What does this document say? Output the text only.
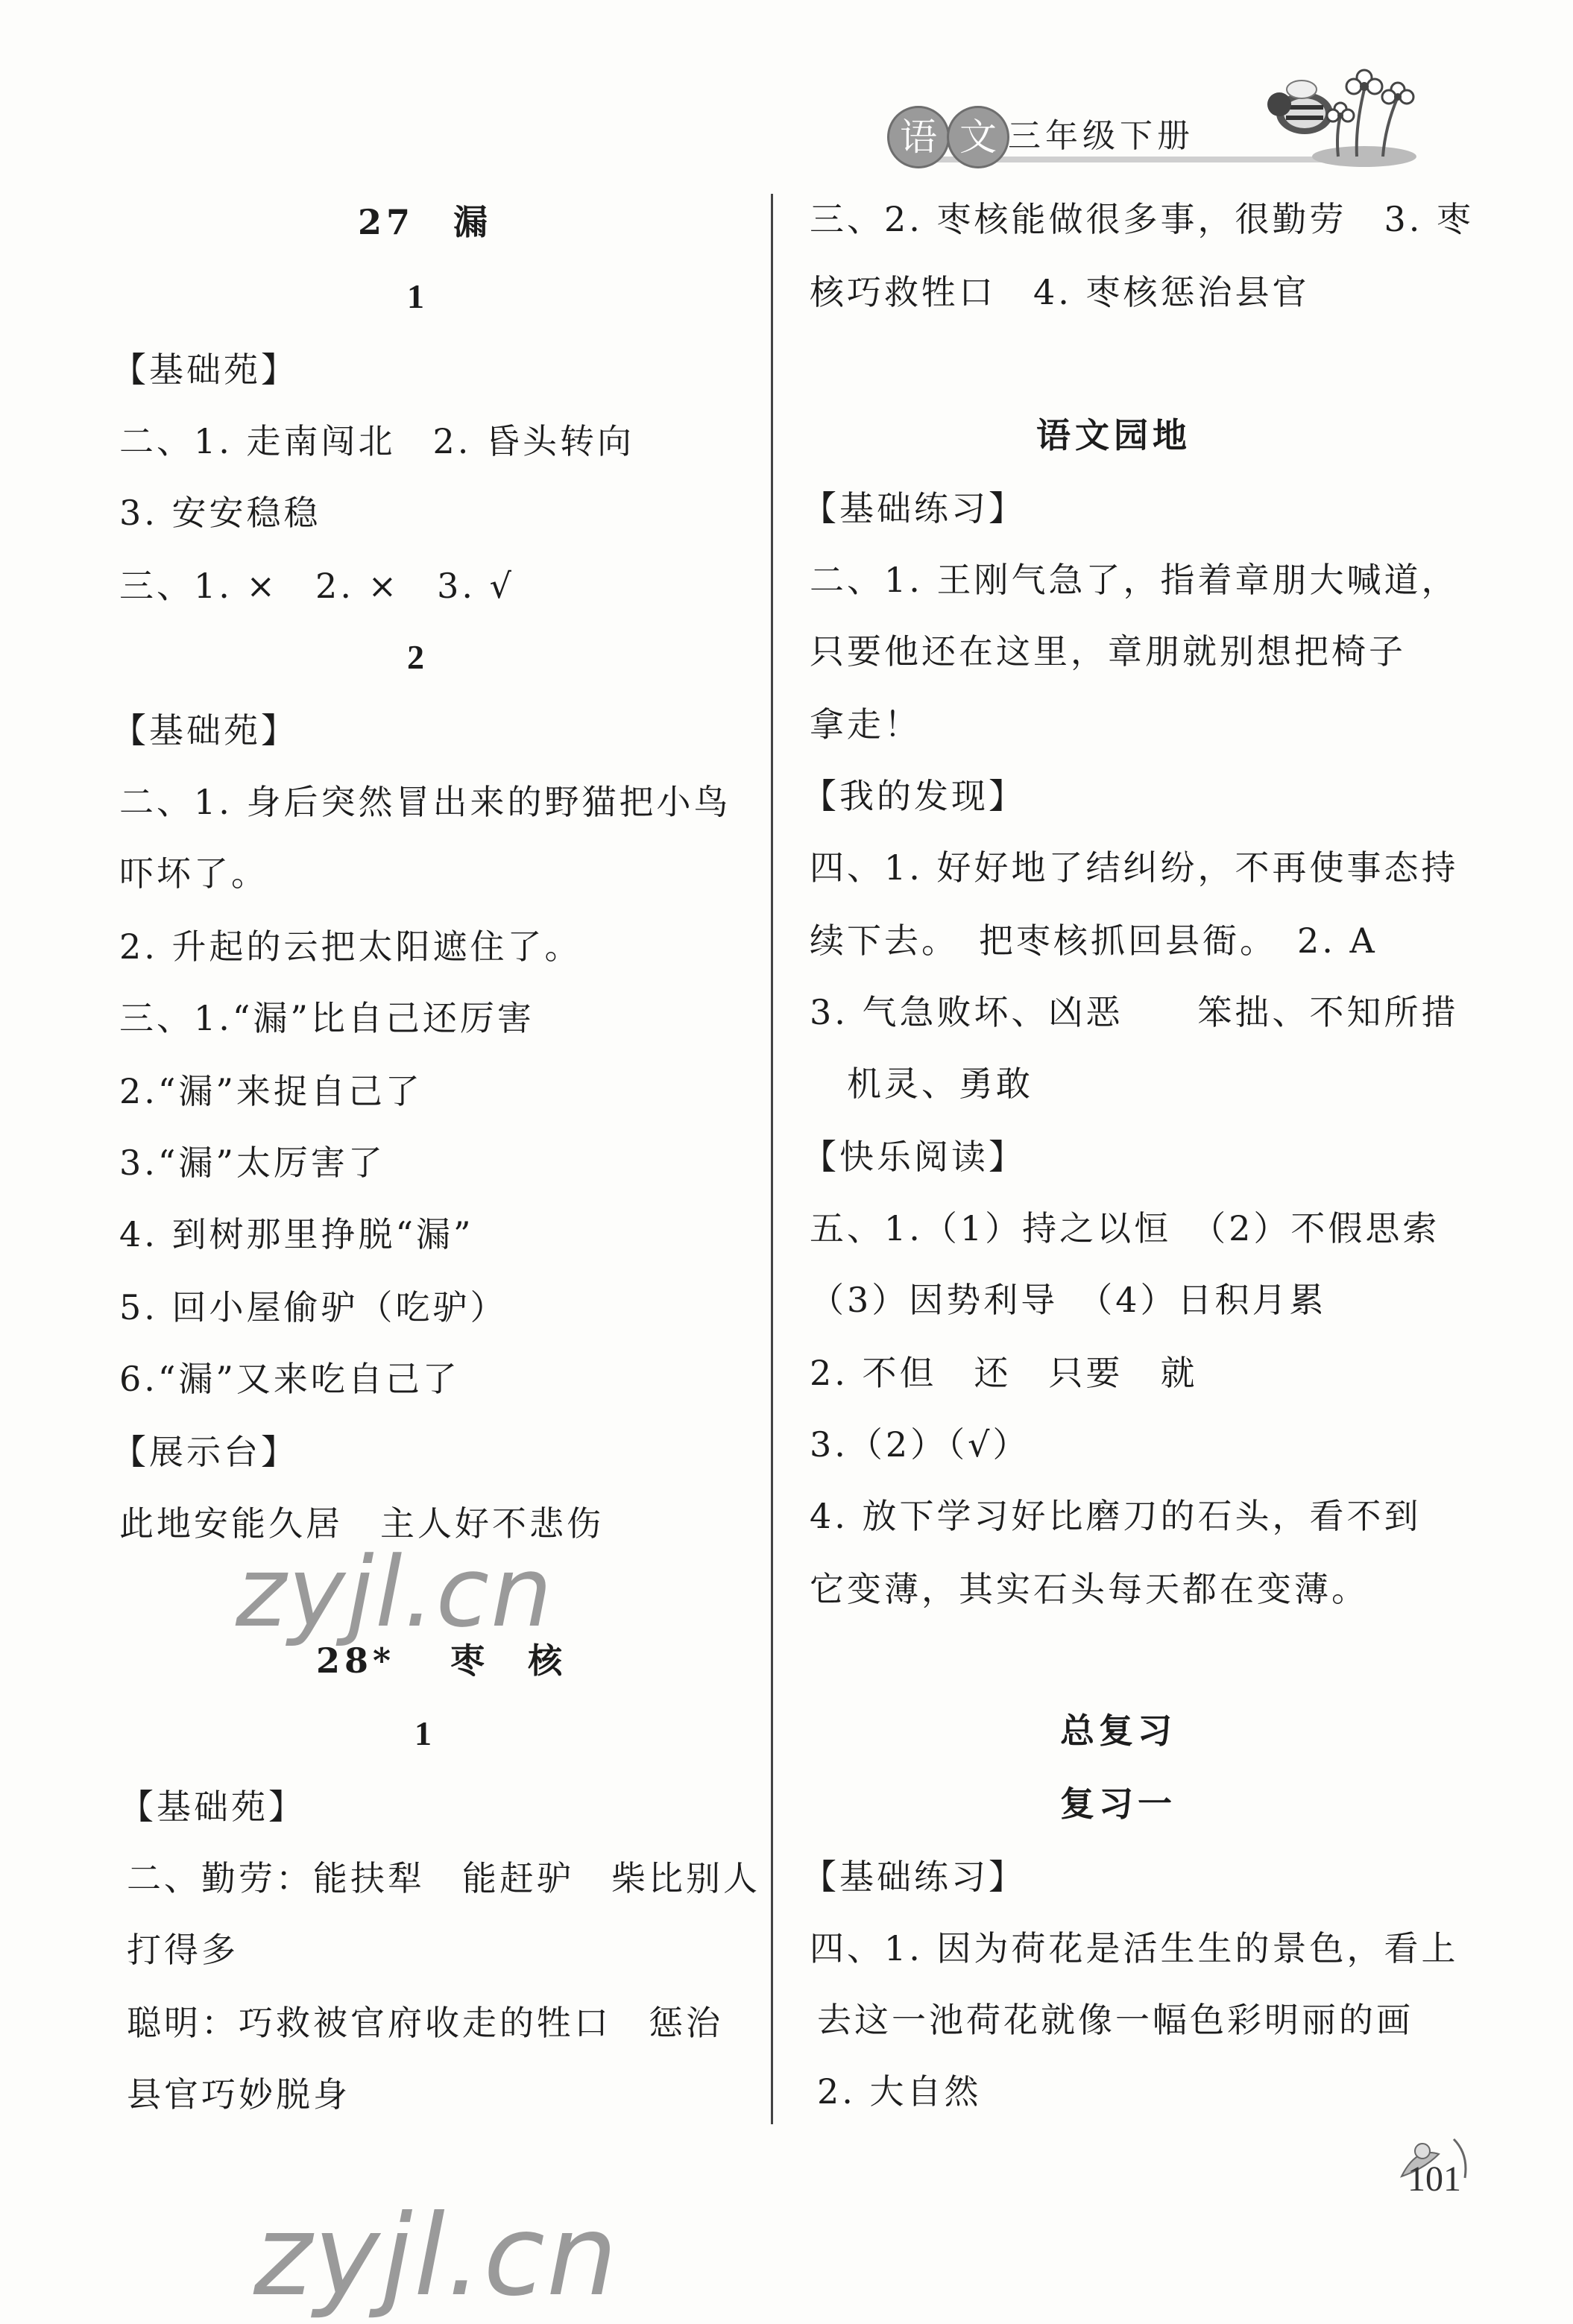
语 文 三年级下册
27　漏
1
【基础苑】
二、1. 走南闯北　2. 昏头转向
3. 安安稳稳
三、1. ×　2. ×　3. √
2
【基础苑】
二、1. 身后突然冒出来的野猫把小鸟
吓坏了。
2. 升起的云把太阳遮住了。
三、1.“漏”比自己还厉害
2.“漏”来捉自己了
3.“漏”太厉害了
4. 到树那里挣脱“漏”
5. 回小屋偷驴（吃驴）
6.“漏”又来吃自己了
【展示台】
此地安能久居　主人好不悲伤
28* 　枣　核
1
【基础苑】
二、勤劳：能扶犁　能赶驴　柴比别人
打得多
聪明：巧救被官府收走的牲口　惩治
县官巧妙脱身
三、2. 枣核能做很多事，很勤劳　3. 枣
核巧救牲口　4. 枣核惩治县官
语文园地
【基础练习】
二、1. 王刚气急了，指着章朋大喊道，
只要他还在这里，章朋就别想把椅子
拿走！
【我的发现】
四、1. 好好地了结纠纷，不再使事态持
续下去。　把枣核抓回县衙。　2. A
3. 气急败坏、凶恶　　笨拙、不知所措
机灵、勇敢
【快乐阅读】
五、1.（1）持之以恒　（2）不假思索
（3）因势利导　（4）日积月累
2. 不但　还　只要　就
3.（2）（√）
4. 放下学习好比磨刀的石头，看不到
它变薄，其实石头每天都在变薄。
总复习
复习一
【基础练习】
四、1. 因为荷花是活生生的景色，看上
去这一池荷花就像一幅色彩明丽的画
2. 大自然
zyjl.cn
zyjl.cn
101
